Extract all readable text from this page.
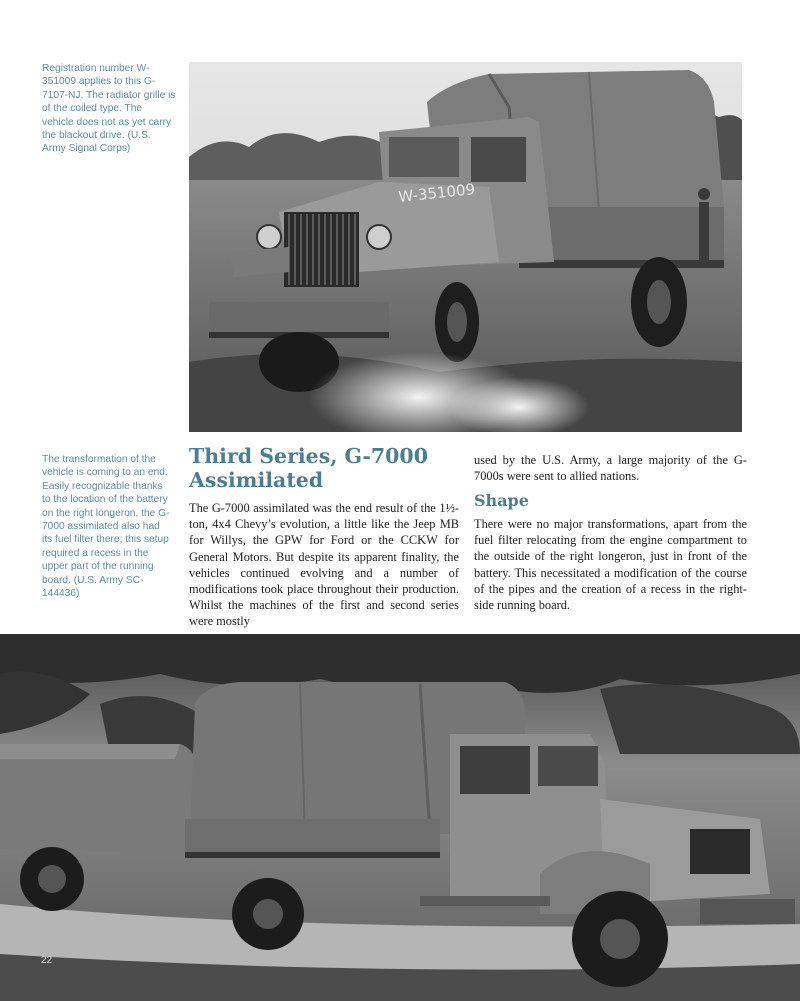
Registration number W-351009 applies to this G-7107-NJ. The radiator grille is of the coiled type. The vehicle does not as yet carry the blackout drive. (U.S. Army Signal Corps)
W-351009
The transformation of the vehicle is coming to an end. Easily recognizable thanks to the location of the battery on the right longeron, the G-7000 assimilated also had its fuel filter there; this setup required a recess in the upper part of the running board. (U.S. Army SC-144436)
Third Series, G-7000 Assimilated
The G-7000 assimilated was the end result of the 1½-ton, 4x4 Chevy’s evolution, a little like the Jeep MB for Willys, the GPW for Ford or the CCKW for General Motors. But despite its apparent finality, the vehicles continued evolving and a number of modifications took place throughout their production. Whilst the machines of the first and second series were mostly
used by the U.S. Army, a large majority of the G-7000s were sent to allied nations.
Shape
There were no major transformations, apart from the fuel filter relocating from the engine compartment to the outside of the right longeron, just in front of the battery. This necessitated a modification of the course of the pipes and the creation of a recess in the right-side running board.
22
